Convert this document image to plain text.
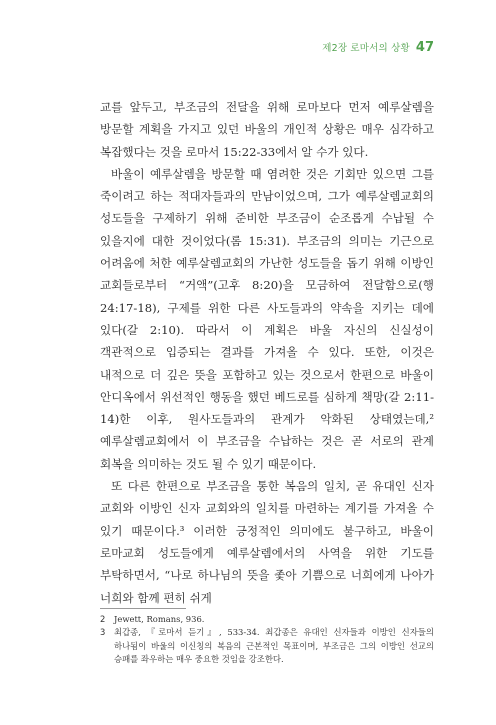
제2장 로마서의 상황 47

교를 앞두고, 부조금의 전달을 위해 로마보다 먼저 예루살렘을 방문할 계획을 가지고 있던 바울의 개인적 상황은 매우 심각하고 복잡했다는 것을 로마서 15:22-33에서 알 수가 있다.

바울이 예루살렘을 방문할 때 염려한 것은 기회만 있으면 그를 죽이려고 하는 적대자들과의 만남이었으며, 그가 예루살렘교회의 성도들을 구제하기 위해 준비한 부조금이 순조롭게 수납될 수 있을지에 대한 것이었다(롬 15:31). 부조금의 의미는 기근으로 어려움에 처한 예루살렘교회의 가난한 성도들을 돕기 위해 이방인 교회들로부터 “거액”(고후 8:20)을 모금하여 전달함으로(행 24:17-18), 구제를 위한 다른 사도들과의 약속을 지키는 데에 있다(갈 2:10). 따라서 이 계획은 바울 자신의 신실성이 객관적으로 입증되는 결과를 가져올 수 있다. 또한, 이것은 내적으로 더 깊은 뜻을 포함하고 있는 것으로서 한편으로 바울이 안디옥에서 위선적인 행동을 했던 베드로를 심하게 책망(갈 2:11-14)한 이후, 원사도들과의 관계가 악화된 상태였는데,² 예루살렘교회에서 이 부조금을 수납하는 것은 곧 서로의 관계 회복을 의미하는 것도 될 수 있기 때문이다.

또 다른 한편으로 부조금을 통한 복음의 일치, 곧 유대인 신자 교회와 이방인 신자 교회와의 일치를 마련하는 계기를 가져올 수 있기 때문이다.³ 이러한 긍정적인 의미에도 불구하고, 바울이 로마교회 성도들에게 예루살렘에서의 사역을 위한 기도를 부탁하면서, “나로 하나님의 뜻을 좇아 기쁨으로 너희에게 나아가 너희와 함께 편히 쉬게

2	Jewett, Romans, 936.
3	최갑종, 『로마서 듣기』, 533-34. 최갑종은 유대인 신자들과 이방인 신자들의 하나됨이 바울의 이신칭의 복음의 근본적인 목표이며, 부조금은 그의 이방인 선교의 승패를 좌우하는 매우 중요한 것임을 강조한다.
